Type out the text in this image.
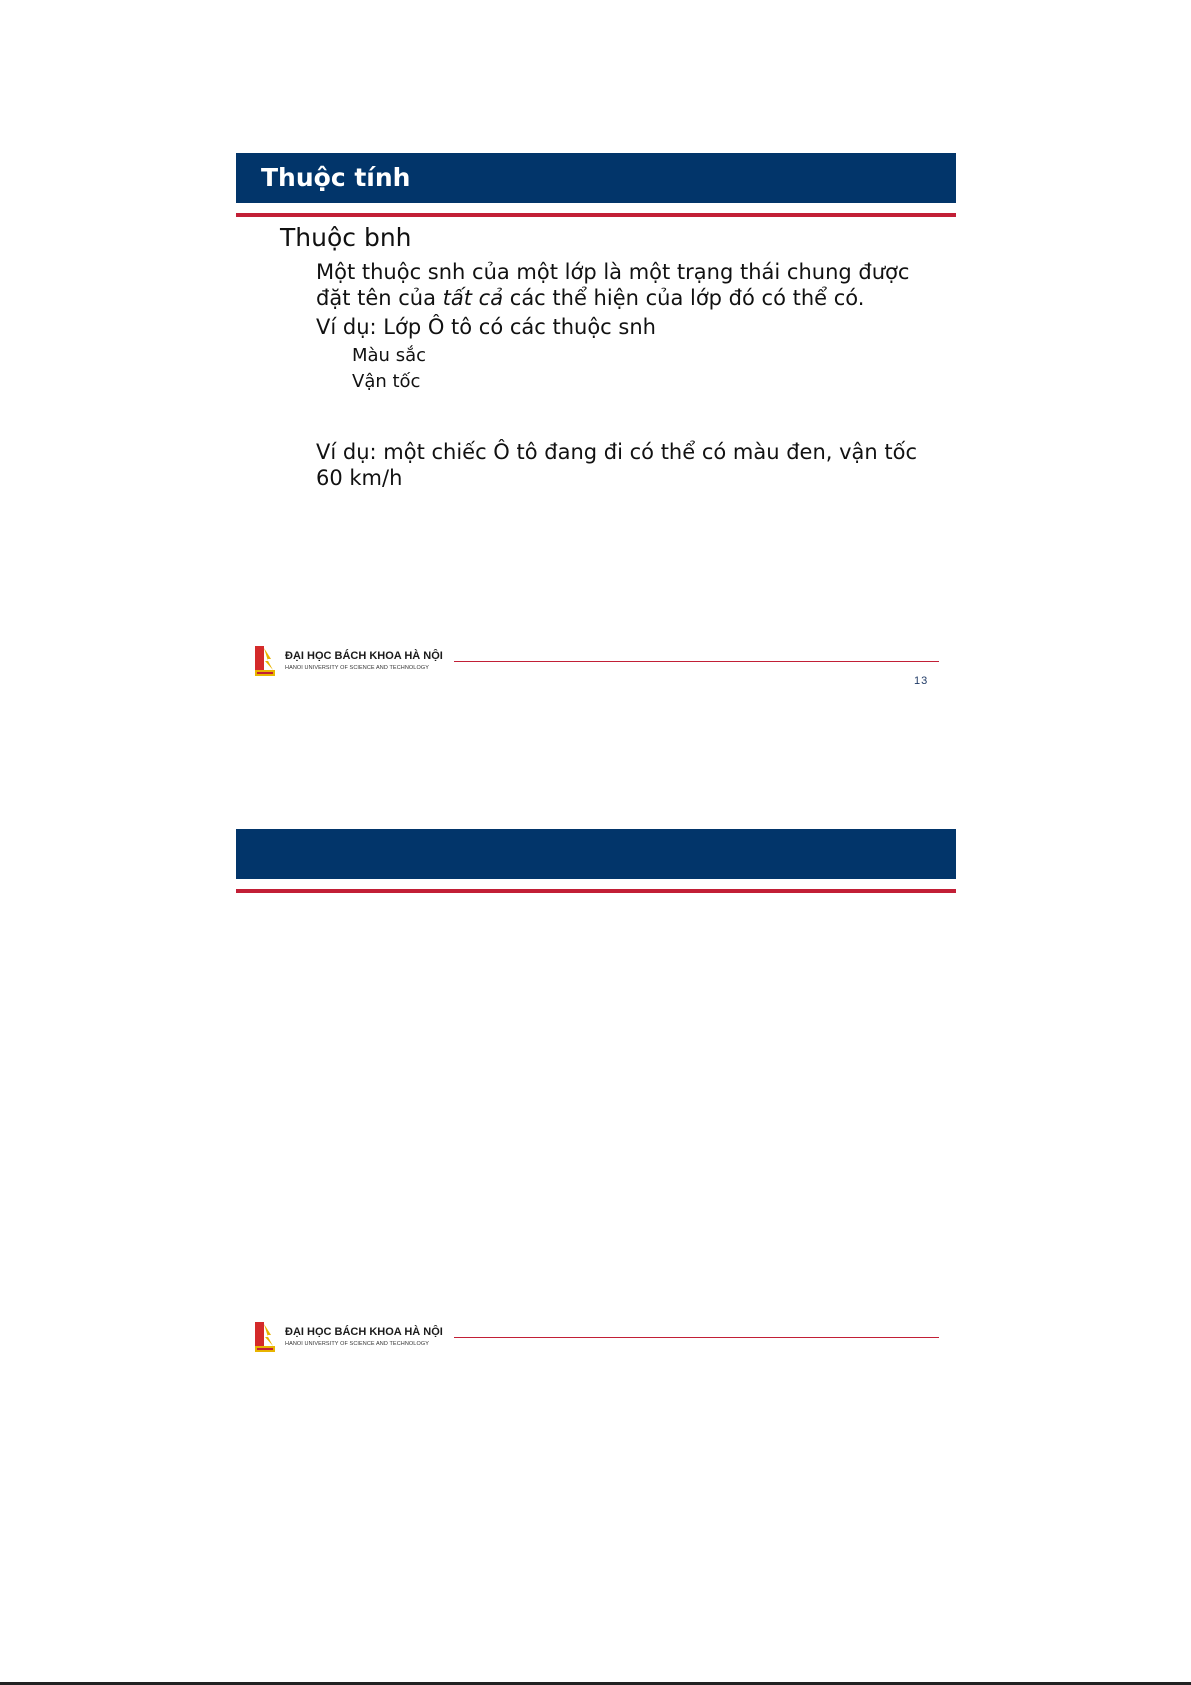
Thuộc tính
Thuộc bnh
Một thuộc snh của một lớp là một trạng thái chung được đặt tên của tất cả các thể hiện của lớp đó có thể có.
Ví dụ: Lớp Ô tô có các thuộc snh
Màu sắc
Vận tốc
Ví dụ: một chiếc Ô tô đang đi có thể có màu đen, vận tốc 60 km/h
ĐẠI HỌC BÁCH KHOA HÀ NỘI
HANOI UNIVERSITY OF SCIENCE AND TECHNOLOGY
13
ĐẠI HỌC BÁCH KHOA HÀ NỘI
HANOI UNIVERSITY OF SCIENCE AND TECHNOLOGY
